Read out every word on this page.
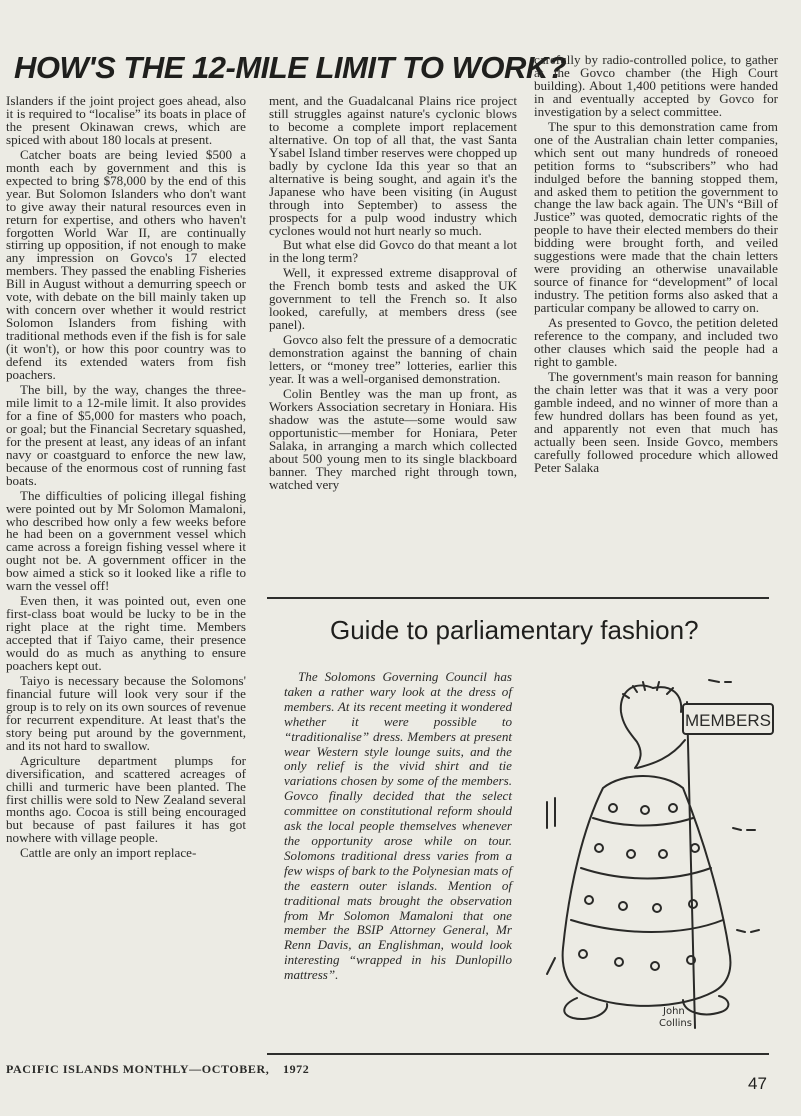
HOW'S THE 12-MILE LIMIT TO WORK?

Islanders if the joint project goes ahead, also it is required to “localise” its boats in place of the present Okinawan crews, which are spiced with about 180 locals at present.

Catcher boats are being levied $500 a month each by government and this is expected to bring $78,000 by the end of this year. But Solomon Islanders who don't want to give away their natural resources even in return for expertise, and others who haven't forgotten World War II, are continually stirring up opposition, if not enough to make any impression on Govco's 17 elected members. They passed the enabling Fisheries Bill in August without a demurring speech or vote, with debate on the bill mainly taken up with concern over whether it would restrict Solomon Islanders from fishing with traditional methods even if the fish is for sale (it won't), or how this poor country was to defend its extended waters from fish poachers.

The bill, by the way, changes the three-mile limit to a 12-mile limit. It also provides for a fine of $5,000 for masters who poach, or goal; but the Financial Secretary squashed, for the present at least, any ideas of an infant navy or coastguard to enforce the new law, because of the enormous cost of running fast boats.

The difficulties of policing illegal fishing were pointed out by Mr Solomon Mamaloni, who described how only a few weeks before he had been on a government vessel which came across a foreign fishing vessel where it ought not be. A government officer in the bow aimed a stick so it looked like a rifle to warn the vessel off!

Even then, it was pointed out, even one first-class boat would be lucky to be in the right place at the right time. Members accepted that if Taiyo came, their presence would do as much as anything to ensure poachers kept out.

Taiyo is necessary because the Solomons' financial future will look very sour if the group is to rely on its own sources of revenue for recurrent expenditure. At least that's the story being put around by the government, and its not hard to swallow.

Agriculture department plumps for diversification, and scattered acreages of chilli and turmeric have been planted. The first chillis were sold to New Zealand several months ago. Cocoa is still being encouraged but because of past failures it has got nowhere with village people.

Cattle are only an import replace-

ment, and the Guadalcanal Plains rice project still struggles against nature's cyclonic blows to become a complete import replacement alternative. On top of all that, the vast Santa Ysabel Island timber reserves were chopped up badly by cyclone Ida this year so that an alternative is being sought, and again it's the Japanese who have been visiting (in August through into September) to assess the prospects for a pulp wood industry which cyclones would not hurt nearly so much.

But what else did Govco do that meant a lot in the long term?

Well, it expressed extreme disapproval of the French bomb tests and asked the UK government to tell the French so. It also looked, carefully, at members dress (see panel).

Govco also felt the pressure of a democratic demonstration against the banning of chain letters, or “money tree” lotteries, earlier this year. It was a well-organised demonstration.

Colin Bentley was the man up front, as Workers Association secretary in Honiara. His shadow was the astute—some would saw opportunistic—member for Honiara, Peter Salaka, in arranging a march which collected about 500 young men to its single blackboard banner. They marched right through town, watched very

carefully by radio-controlled police, to gather at the Govco chamber (the High Court building). About 1,400 petitions were handed in and eventually accepted by Govco for investigation by a select committee.

The spur to this demonstration came from one of the Australian chain letter companies, which sent out many hundreds of roneoed petition forms to “subscribers” who had indulged before the banning stopped them, and asked them to petition the government to change the law back again. The UN's “Bill of Justice” was quoted, democratic rights of the people to have their elected members do their bidding were brought forth, and veiled suggestions were made that the chain letters were providing an otherwise unavailable source of finance for “development” of local industry. The petition forms also asked that a particular company be allowed to carry on.

As presented to Govco, the petition deleted reference to the company, and included two other clauses which said the people had a right to gamble.

The government's main reason for banning the chain letter was that it was a very poor gamble indeed, and no winner of more than a few hundred dollars has been found as yet, and apparently not even that much has actually been seen. Inside Govco, members carefully followed procedure which allowed Peter Salaka

Guide to parliamentary fashion?
The Solomons Governing Council has taken a rather wary look at the dress of members. At its recent meeting it wondered whether it were possible to “traditionalise” dress. Members at present wear Western style lounge suits, and the only relief is the vivid shirt and tie variations chosen by some of the members. Govco finally decided that the select committee on constitutional reform should ask the local people themselves whenever the opportunity arose while on tour. Solomons traditional dress varies from a few wisps of bark to the Polynesian mats of the eastern outer islands. Mention of traditional mats brought the observation from Mr Solomon Mamaloni that one member the BSIP Attorney General, Mr Renn Davis, an Englishman, would look interesting “wrapped in his Dunlopillo mattress”.
MEMBERS
John
Collins
PACIFIC ISLANDS MONTHLY—OCTOBER, 1972
47
